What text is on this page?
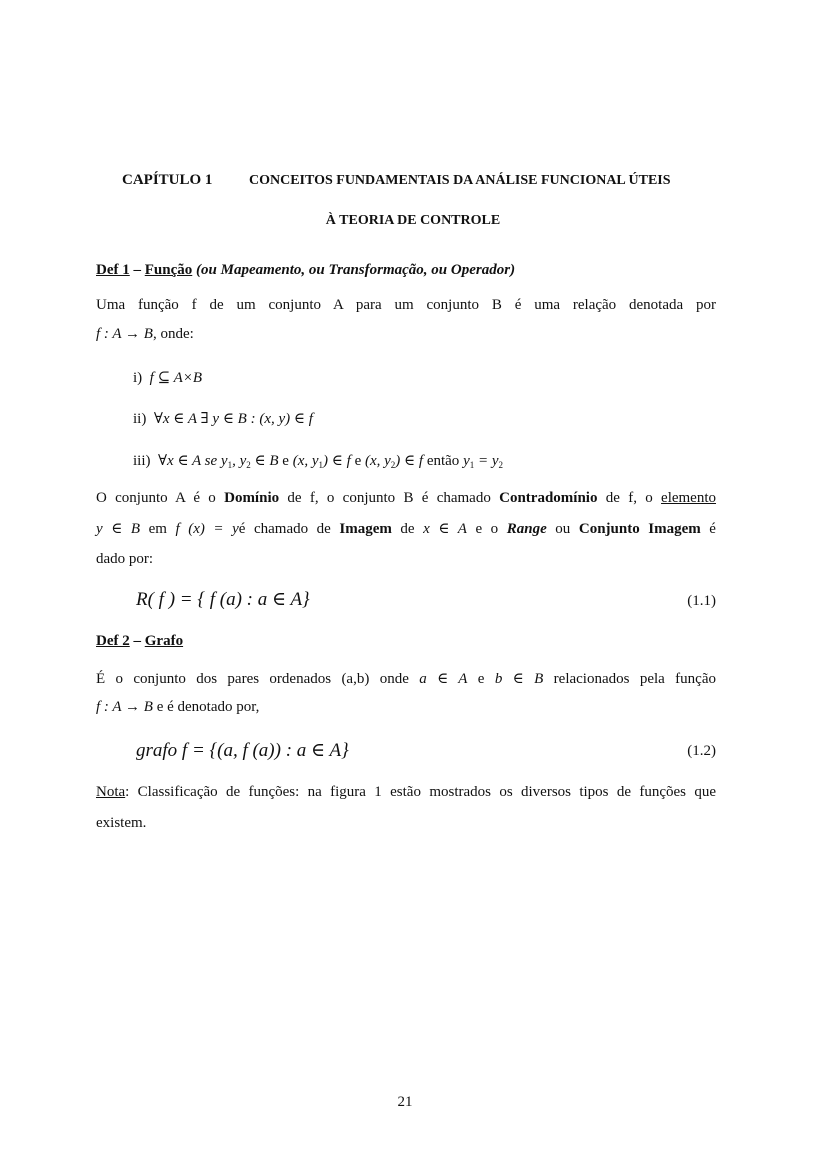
CAPÍTULO 1	CONCEITOS FUNDAMENTAIS DA ANÁLISE FUNCIONAL ÚTEIS
À TEORIA DE CONTROLE
Def 1 – Função (ou Mapeamento, ou Transformação, ou Operador)
Uma função f de um conjunto A para um conjunto B é uma relação denotada por
f : A → B, onde:
i) f ⊆ A×B
ii) ∀x ∈ A ∃ y ∈ B : (x, y) ∈ f
iii) ∀x ∈ A se $y_1$, $y_2$ ∈ B e (x, $y_1$) ∈ f e (x, $y_2$) ∈ f então $y_1 = y_2$
O conjunto A é o Domínio de f, o conjunto B é chamado Contradomínio de f, o elemento
y ∈ B em f (x) = yé chamado de Imagem de x ∈ A e o Range ou Conjunto Imagem é
dado por:
R( f ) = { f (a) : a ∈ A}	(1.1)
Def 2 – Grafo
É o conjunto dos pares ordenados (a,b) onde a ∈ A e b ∈ B relacionados pela função
f : A → B e é denotado por,
grafo f = {(a, f (a)) : a ∈ A}	(1.2)
Nota: Classificação de funções: na figura 1 estão mostrados os diversos tipos de funções que
existem.
21
